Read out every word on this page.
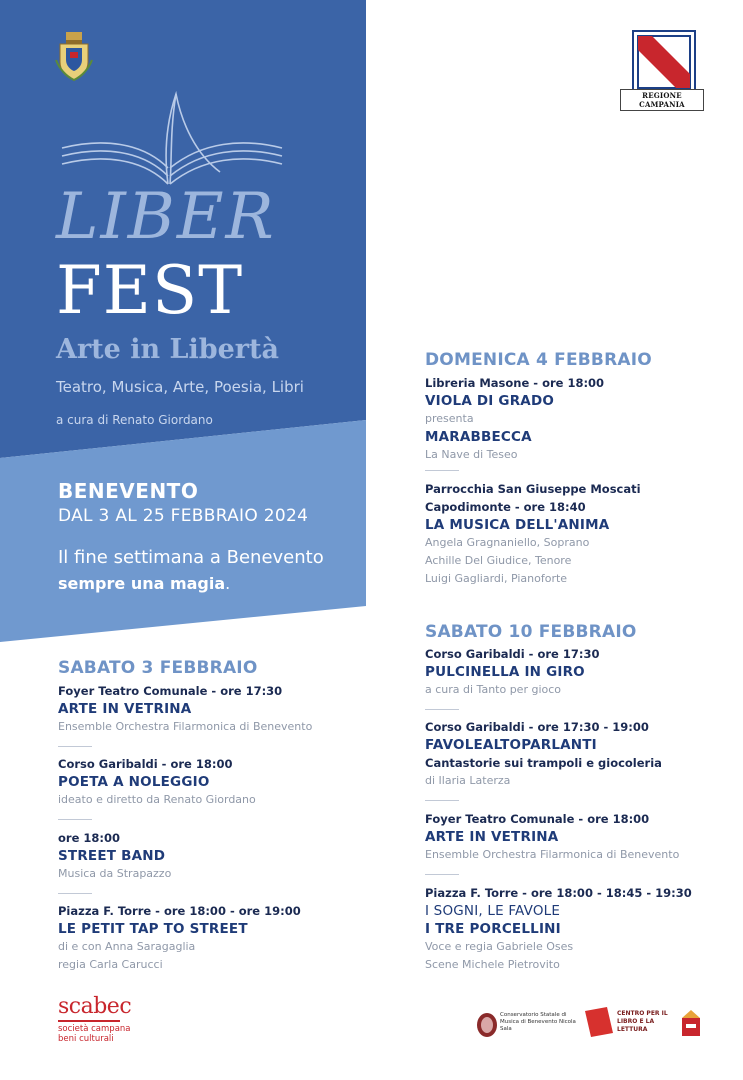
REGIONE CAMPANIA
LIBER
FEST
Arte in Libertà
Teatro, Musica, Arte, Poesia, Libri
a cura di Renato Giordano
BENEVENTO
DAL 3 AL 25 FEBBRAIO 2024
Il fine settimana a Benevento
sempre una magia.
SABATO 3 FEBBRAIO
Foyer Teatro Comunale - ore 17:30
ARTE IN VETRINA
Ensemble Orchestra Filarmonica di Benevento
Corso Garibaldi - ore 18:00
POETA A NOLEGGIO
ideato e diretto da Renato Giordano
ore 18:00
STREET BAND
Musica da Strapazzo
Piazza F. Torre - ore 18:00 - ore 19:00
LE PETIT TAP TO STREET
di e con Anna Saragaglia
regia Carla Carucci
DOMENICA 4 FEBBRAIO
Libreria Masone - ore 18:00
VIOLA DI GRADO
presenta
MARABBECCA
La Nave di Teseo
Parrocchia San Giuseppe Moscati
Capodimonte - ore 18:40
LA MUSICA DELL'ANIMA
Angela Gragnaniello, Soprano
Achille Del Giudice, Tenore
Luigi Gagliardi, Pianoforte
SABATO 10 FEBBRAIO
Corso Garibaldi - ore 17:30
PULCINELLA IN GIRO
a cura di Tanto per gioco
Corso Garibaldi - ore 17:30 - 19:00
FAVOLEALTOPARLANTI
Cantastorie sui trampoli e giocoleria
di Ilaria Laterza
Foyer Teatro Comunale - ore 18:00
ARTE IN VETRINA
Ensemble Orchestra Filarmonica di Benevento
Piazza F. Torre - ore 18:00 - 18:45 - 19:30
I SOGNI, LE FAVOLE
I TRE PORCELLINI
Voce e regia Gabriele Oses
Scene Michele Pietrovito
scabec
società campana
beni culturali
Conservatorio Statale di Musica di Benevento Nicola Sala
CENTRO PER IL LIBRO E LA LETTURA
